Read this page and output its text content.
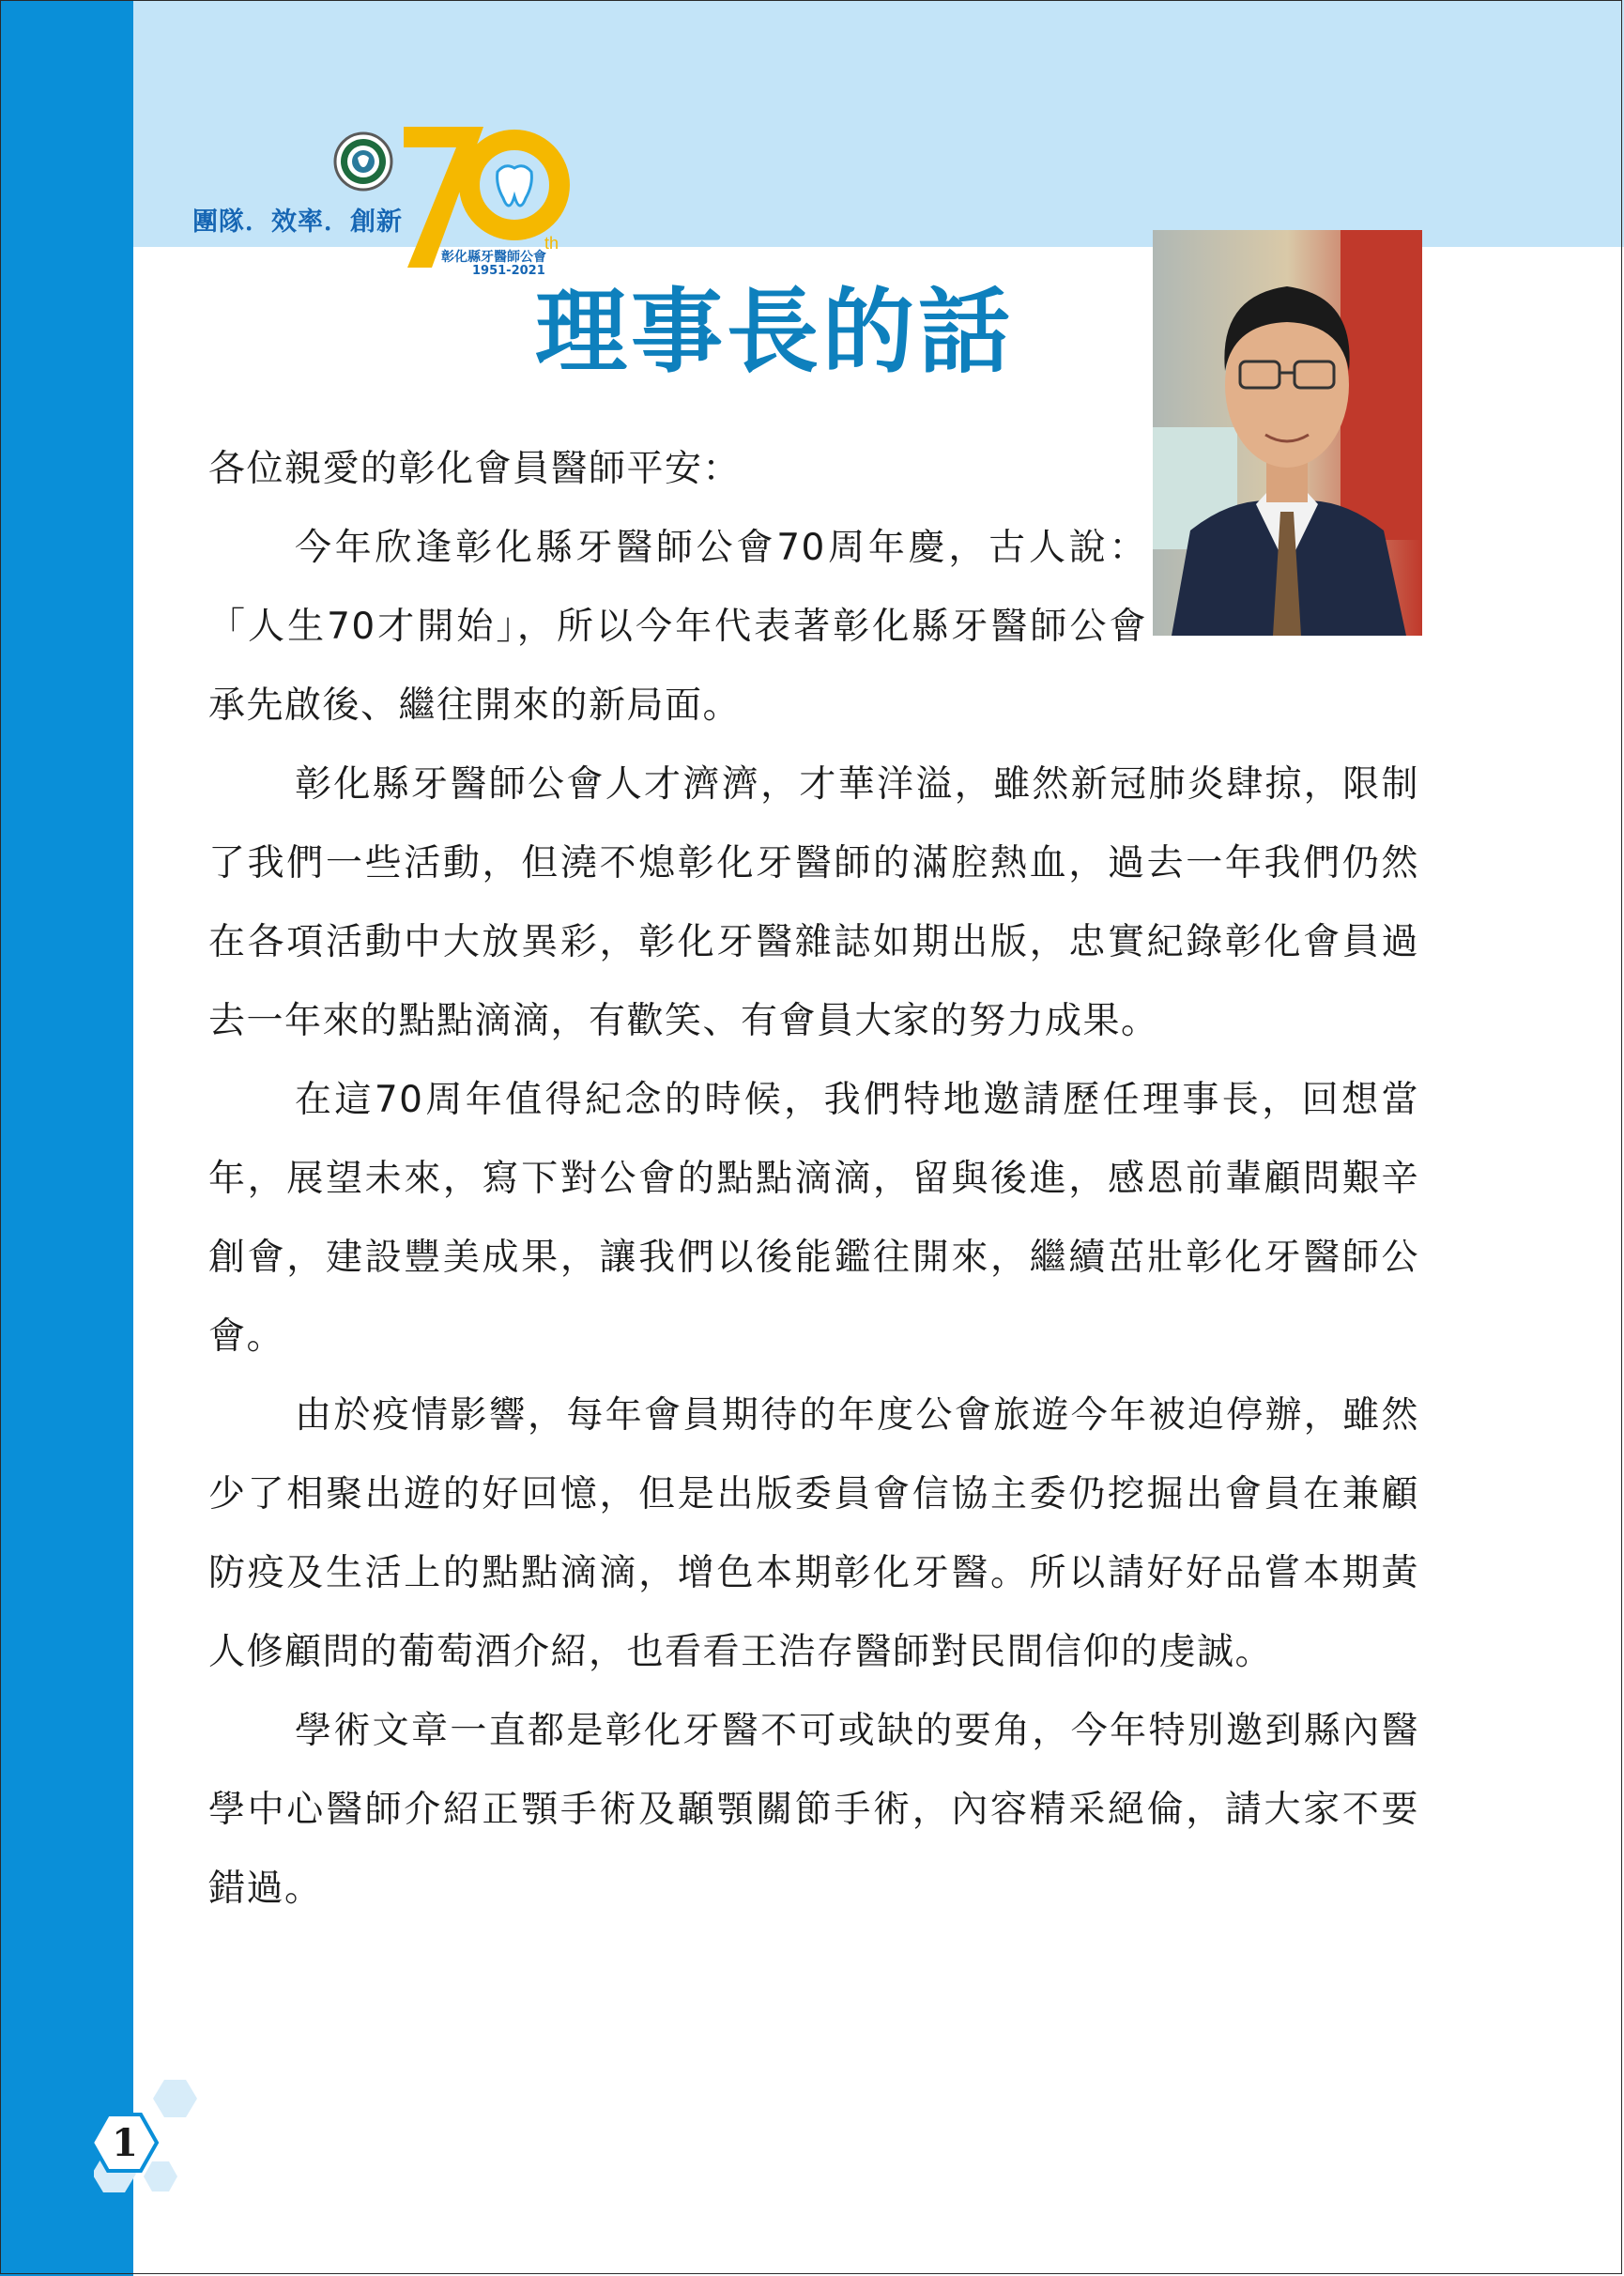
團隊．效率．創新
th
彰化縣牙醫師公會
1951-2021
理事長的話

各位親愛的彰化會員醫師平安：

今年欣逢彰化縣牙醫師公會70周年慶，古人說：「人生70才開始」，所以今年代表著彰化縣牙醫師公會承先啟後、繼往開來的新局面。

彰化縣牙醫師公會人才濟濟，才華洋溢，雖然新冠肺炎肆掠，限制了我們一些活動，但澆不熄彰化牙醫師的滿腔熱血，過去一年我們仍然在各項活動中大放異彩，彰化牙醫雜誌如期出版，忠實紀錄彰化會員過去一年來的點點滴滴，有歡笑、有會員大家的努力成果。

在這70周年值得紀念的時候，我們特地邀請歷任理事長，回想當年，展望未來，寫下對公會的點點滴滴，留與後進，感恩前輩顧問艱辛創會，建設豐美成果，讓我們以後能鑑往開來，繼續茁壯彰化牙醫師公會。

由於疫情影響，每年會員期待的年度公會旅遊今年被迫停辦，雖然少了相聚出遊的好回憶，但是出版委員會信協主委仍挖掘出會員在兼顧防疫及生活上的點點滴滴，增色本期彰化牙醫。所以請好好品嘗本期黃人修顧問的葡萄酒介紹，也看看王浩存醫師對民間信仰的虔誠。

學術文章一直都是彰化牙醫不可或缺的要角，今年特別邀到縣內醫學中心醫師介紹正顎手術及顳顎關節手術，內容精采絕倫，請大家不要錯過。

1
